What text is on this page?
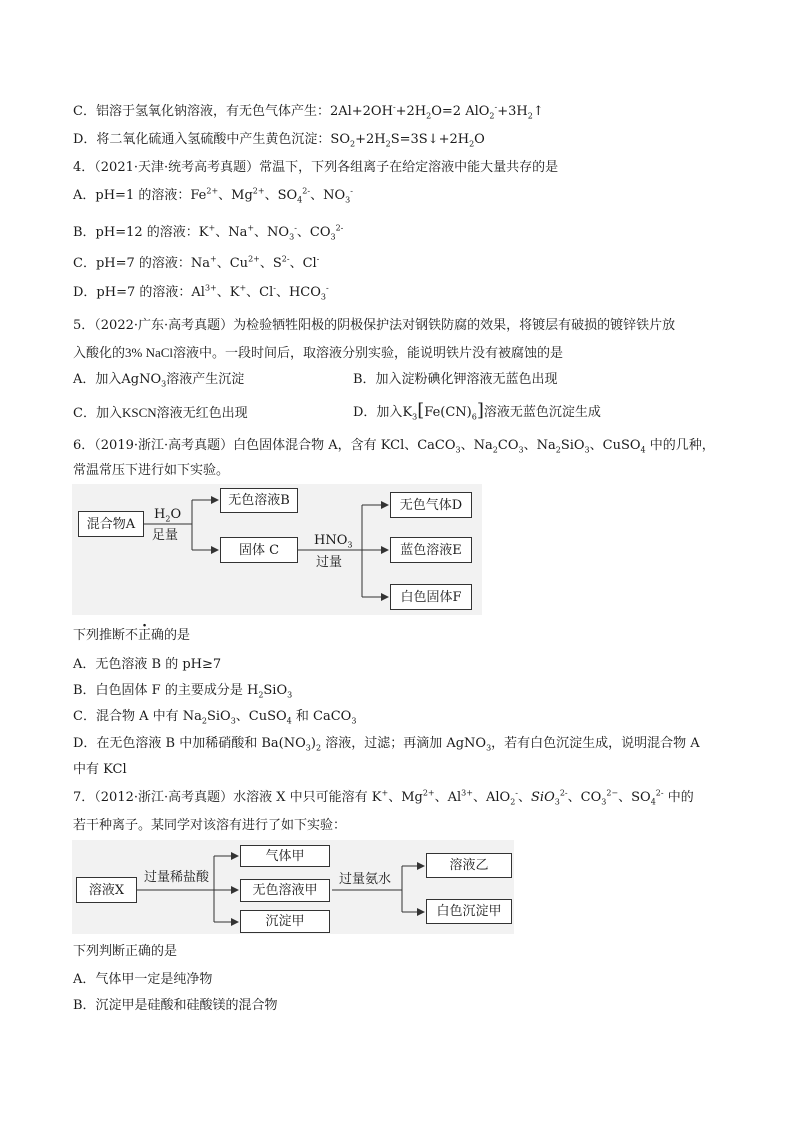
C．铝溶于氢氧化钠溶液，有无色气体产生：$2Al+2OH^-+2H_2O=2$ $AlO_2^-+3H_2↑$
D．将二氧化硫通入氢硫酸中产生黄色沉淀：$SO_2+2H_2S=3S↓+2H_2O$
4．（2021·天津·统考高考真题）常温下，下列各组离子在给定溶液中能大量共存的是
A．pH=1 的溶液：$Fe^{2+}$、$Mg^{2+}$、$SO_4^{2-}$、$NO_3^-$
B．pH=12 的溶液：K+、Na+、$NO_3^-$、$CO_3^{2-}$
C．pH=7 的溶液：Na+、$Cu^{2+}$、$S^{2-}$、Cl-
D．pH=7 的溶液：$Al^{3+}$、K+、Cl-、$HCO_3^-$
5．（2022·广东·高考真题）为检验牺牲阳极的阴极保护法对钢铁防腐的效果，将镀层有破损的镀锌铁片放
入酸化的3% NaCl溶液中。一段时间后，取溶液分别实验，能说明铁片没有被腐蚀的是
A．加入AgNO$_3$溶液产生沉淀	B．加入淀粉碘化钾溶液无蓝色出现
C．加入KSCN溶液无红色出现	D．加入$K_3[Fe(CN)_6]$溶液无蓝色沉淀生成
6．（2019·浙江·高考真题）白色固体混合物 A，含有 KCl、CaCO$_3$、$Na_2CO_3$、$Na_2SiO_3$、CuSO$_4$ 中的几种，
常温常压下进行如下实验。
混合物A
$H_2O$
足量
无色溶液B
固体 C
$HNO_3$
过量
无色气体D
蓝色溶液E
白色固体F
下列推断不正确的是
A．无色溶液 B 的 pH≥7
B．白色固体 F 的主要成分是 $H_2SiO_3$
C．混合物 A 中有 $Na_2SiO_3$、CuSO$_4$ 和 CaCO$_3$
D．在无色溶液 B 中加稀硝酸和 $Ba(NO_3)_2$ 溶液，过滤；再滴加 AgNO$_3$，若有白色沉淀生成，说明混合物 A
中有 KCl
7．（2012·浙江·高考真题）水溶液 X 中只可能溶有 K+、$Mg^{2+}$、$Al^{3+}$、AlO$_2$-、SiO$_3^{2-}$、$CO_3^{2-}$、$SO_4^{2-}$ 中的
若干种离子。某同学对该溶有进行了如下实验：
溶液X
过量稀盐酸
气体甲
无色溶液甲
沉淀甲
过量氨水
溶液乙
白色沉淀甲
下列判断正确的是
A．气体甲一定是纯净物
B．沉淀甲是硅酸和硅酸镁的混合物
